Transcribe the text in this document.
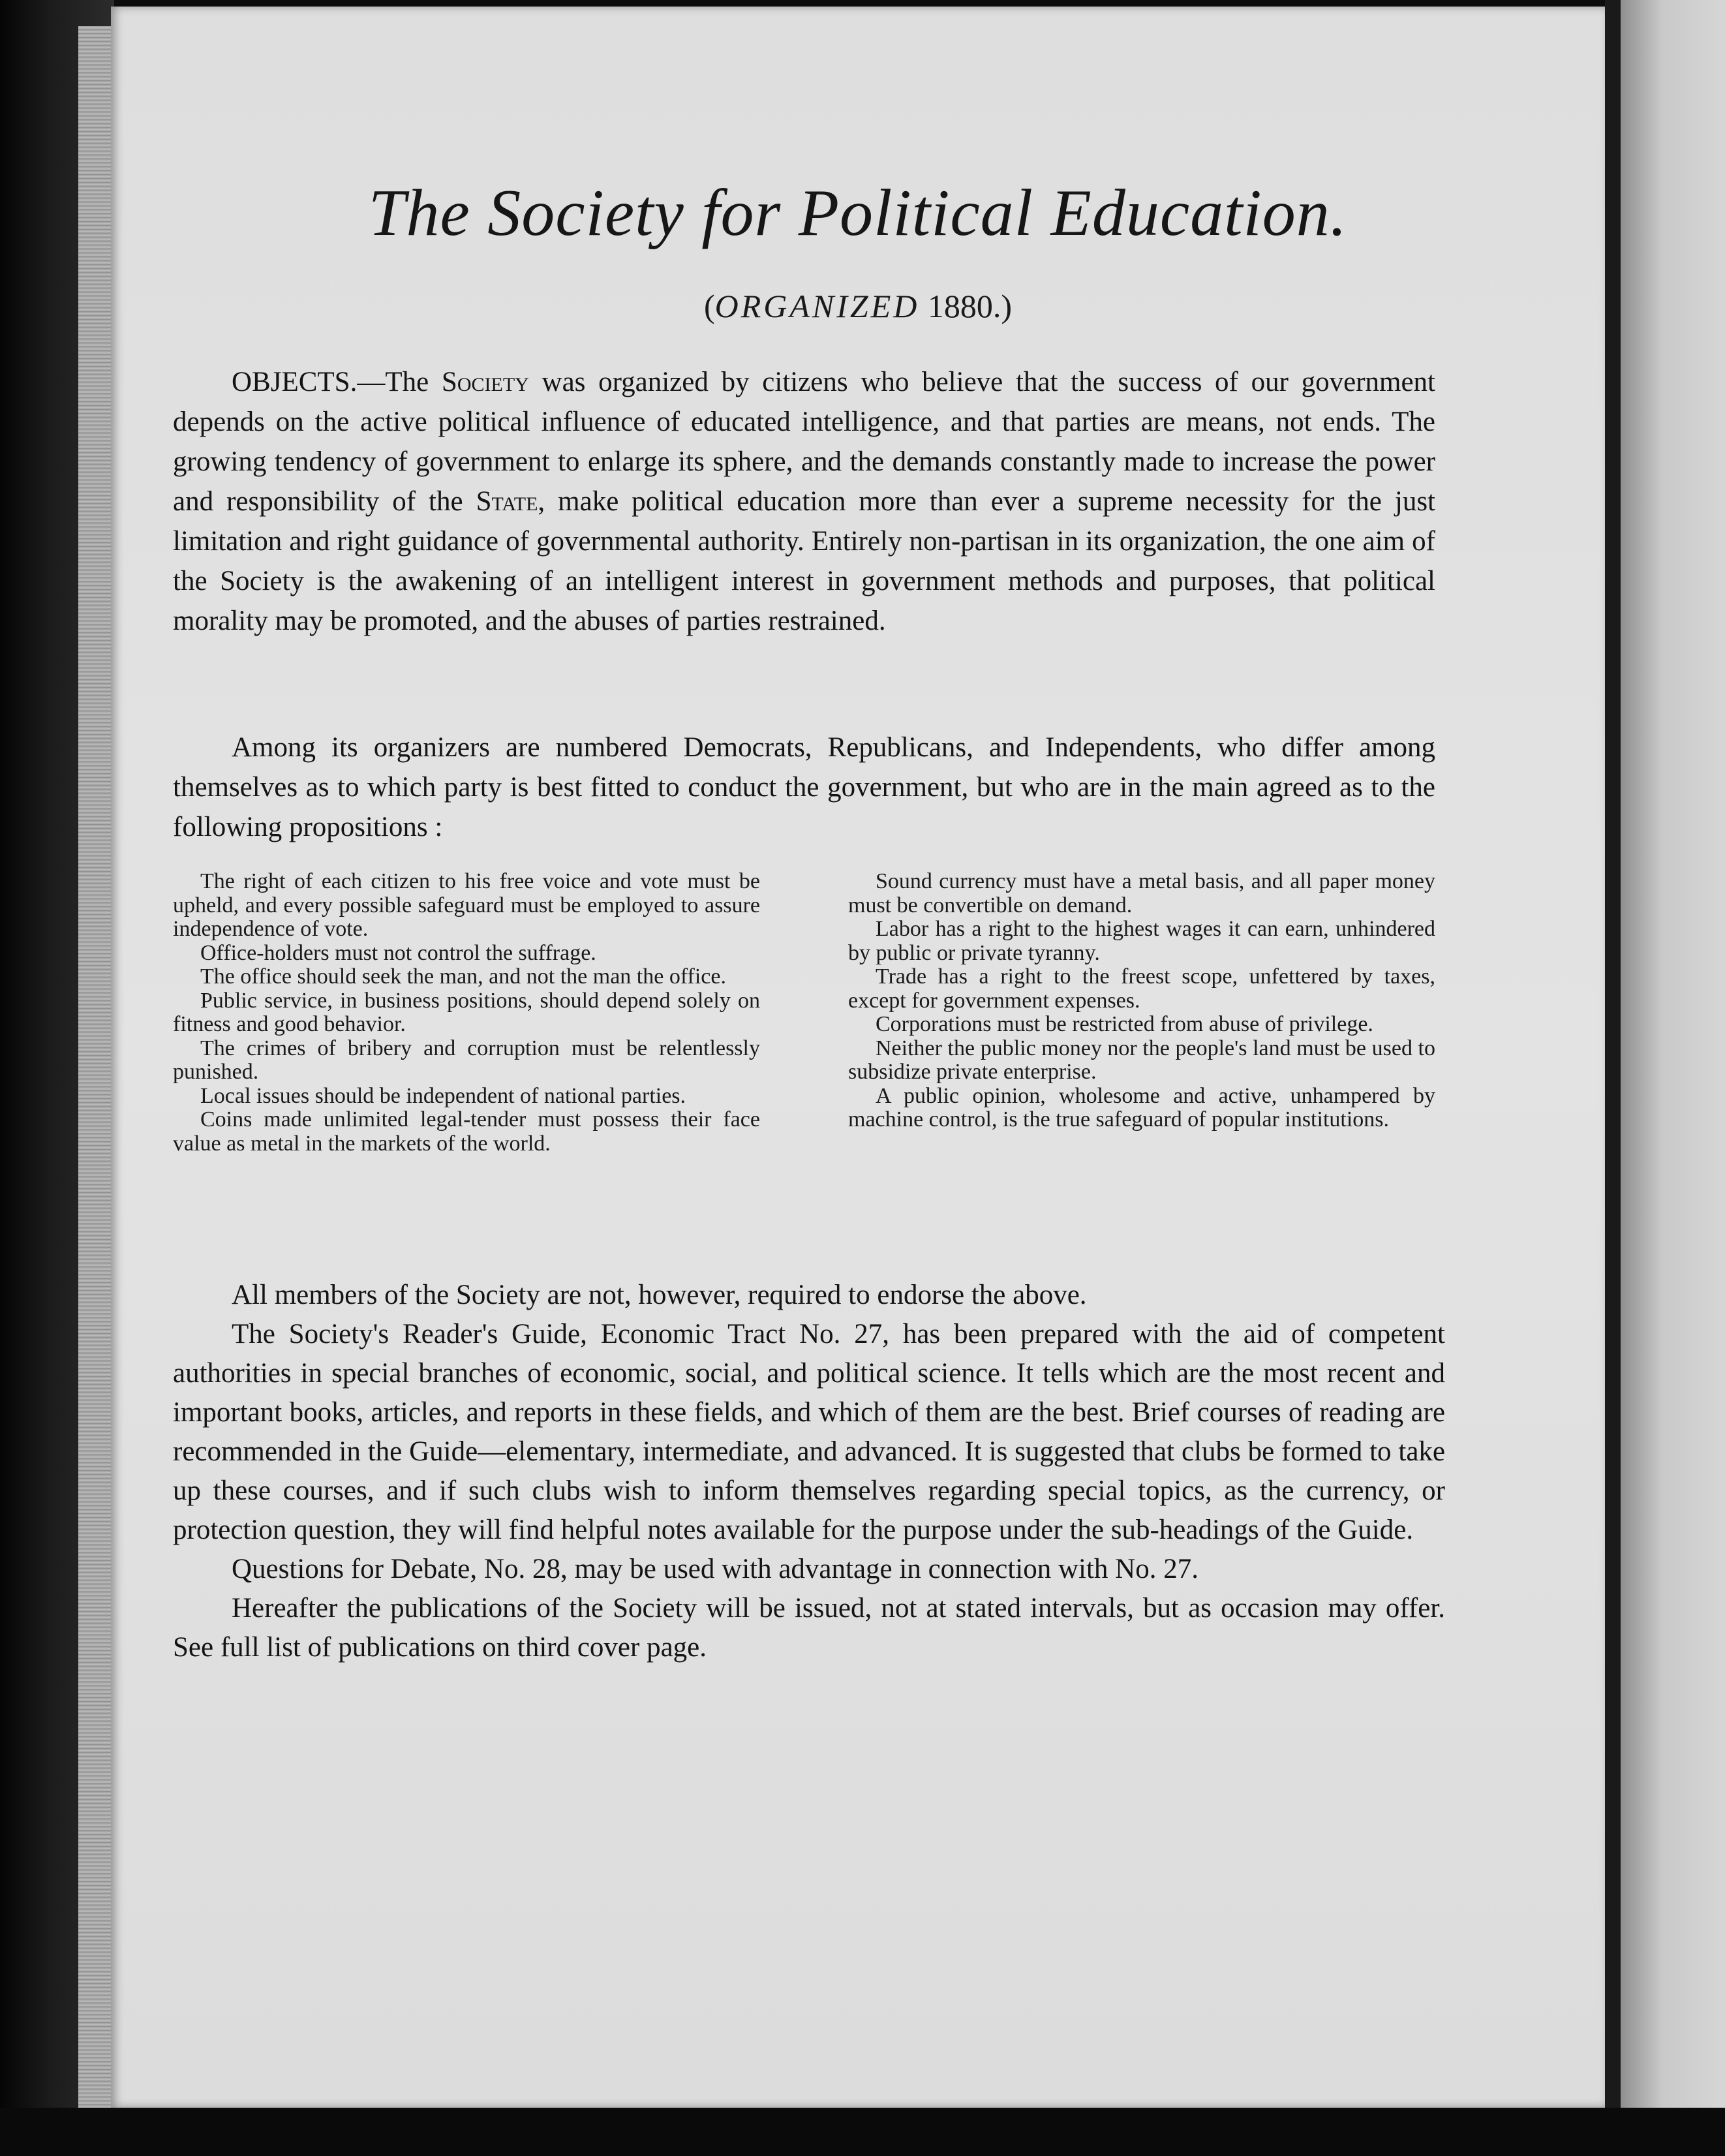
The Society for Political Education.
(ORGANIZED 1880.)

OBJECTS.—The Society was organized by citizens who believe that the success of our government depends on the active political influence of educated intelligence, and that parties are means, not ends. The growing tendency of government to enlarge its sphere, and the demands constantly made to increase the power and responsibility of the State, make political education more than ever a supreme necessity for the just limitation and right guidance of governmental authority. Entirely non-partisan in its organization, the one aim of the Society is the awakening of an intelligent interest in government methods and purposes, that political morality may be promoted, and the abuses of parties restrained.

Among its organizers are numbered Democrats, Republicans, and Independents, who differ among themselves as to which party is best fitted to conduct the government, but who are in the main agreed as to the following propositions :

The right of each citizen to his free voice and vote must be upheld, and every possible safeguard must be employed to assure independence of vote.

Office-holders must not control the suffrage.

The office should seek the man, and not the man the office.

Public service, in business positions, should depend solely on fitness and good behavior.

The crimes of bribery and corruption must be relentlessly punished.

Local issues should be independent of national parties.

Coins made unlimited legal-tender must possess their face value as metal in the markets of the world.

Sound currency must have a metal basis, and all paper money must be convertible on demand.

Labor has a right to the highest wages it can earn, unhindered by public or private tyranny.

Trade has a right to the freest scope, unfettered by taxes, except for government expenses.

Corporations must be restricted from abuse of privilege.

Neither the public money nor the people's land must be used to subsidize private enterprise.

A public opinion, wholesome and active, unhampered by machine control, is the true safeguard of popular institutions.

All members of the Society are not, however, required to endorse the above.

The Society's Reader's Guide, Economic Tract No. 27, has been prepared with the aid of competent authorities in special branches of economic, social, and political science. It tells which are the most recent and important books, articles, and reports in these fields, and which of them are the best. Brief courses of reading are recommended in the Guide—elementary, intermediate, and advanced. It is suggested that clubs be formed to take up these courses, and if such clubs wish to inform themselves regarding special topics, as the currency, or protection question, they will find helpful notes available for the purpose under the sub-headings of the Guide.

Questions for Debate, No. 28, may be used with advantage in connection with No. 27.

Hereafter the publications of the Society will be issued, not at stated intervals, but as occasion may offer. See full list of publications on third cover page.
